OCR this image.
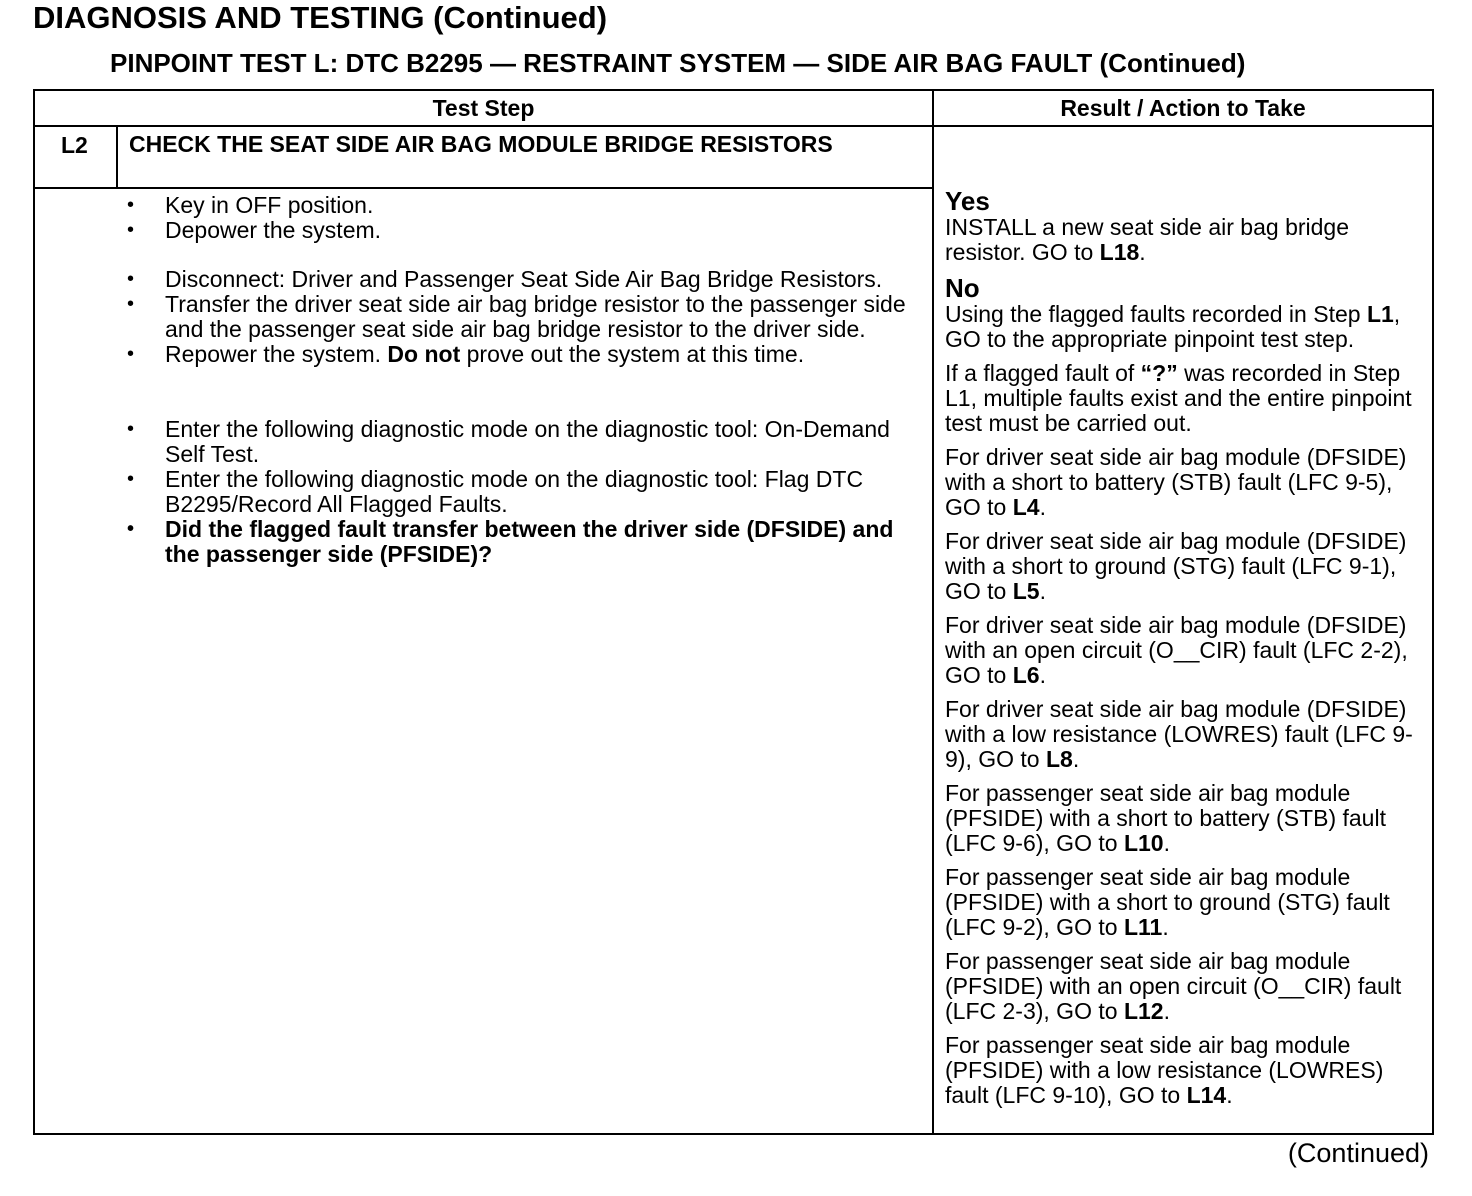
DIAGNOSIS AND TESTING (Continued)
PINPOINT TEST L: DTC B2295 — RESTRAINT SYSTEM — SIDE AIR BAG FAULT (Continued)
Test Step	Result / Action to Take
L2 CHECK THE SEAT SIDE AIR BAG MODULE BRIDGE RESISTORS
• Key in OFF position.
• Depower the system.
• Disconnect: Driver and Passenger Seat Side Air Bag Bridge Resistors.
• Transfer the driver seat side air bag bridge resistor to the passenger side and the passenger seat side air bag bridge resistor to the driver side.
• Repower the system. Do not prove out the system at this time.
• Enter the following diagnostic mode on the diagnostic tool: On-Demand Self Test.
• Enter the following diagnostic mode on the diagnostic tool: Flag DTC B2295/Record All Flagged Faults.
• Did the flagged fault transfer between the driver side (DFSIDE) and the passenger side (PFSIDE)?
Yes

INSTALL a new seat side air bag bridge resistor. GO to L18.

No

Using the flagged faults recorded in Step L1, GO to the appropriate pinpoint test step.

If a flagged fault of “?” was recorded in Step L1, multiple faults exist and the entire pinpoint test must be carried out.

For driver seat side air bag module (DFSIDE) with a short to battery (STB) fault (LFC 9-5), GO to L4.

For driver seat side air bag module (DFSIDE) with a short to ground (STG) fault (LFC 9-1), GO to L5.

For driver seat side air bag module (DFSIDE) with an open circuit (O__CIR) fault (LFC 2-2), GO to L6.

For driver seat side air bag module (DFSIDE) with a low resistance (LOWRES) fault (LFC 9-9), GO to L8.

For passenger seat side air bag module (PFSIDE) with a short to battery (STB) fault (LFC 9-6), GO to L10.

For passenger seat side air bag module (PFSIDE) with a short to ground (STG) fault (LFC 9-2), GO to L11.

For passenger seat side air bag module (PFSIDE) with an open circuit (O__CIR) fault (LFC 2-3), GO to L12.

For passenger seat side air bag module (PFSIDE) with a low resistance (LOWRES) fault (LFC 9-10), GO to L14.

(Continued)
